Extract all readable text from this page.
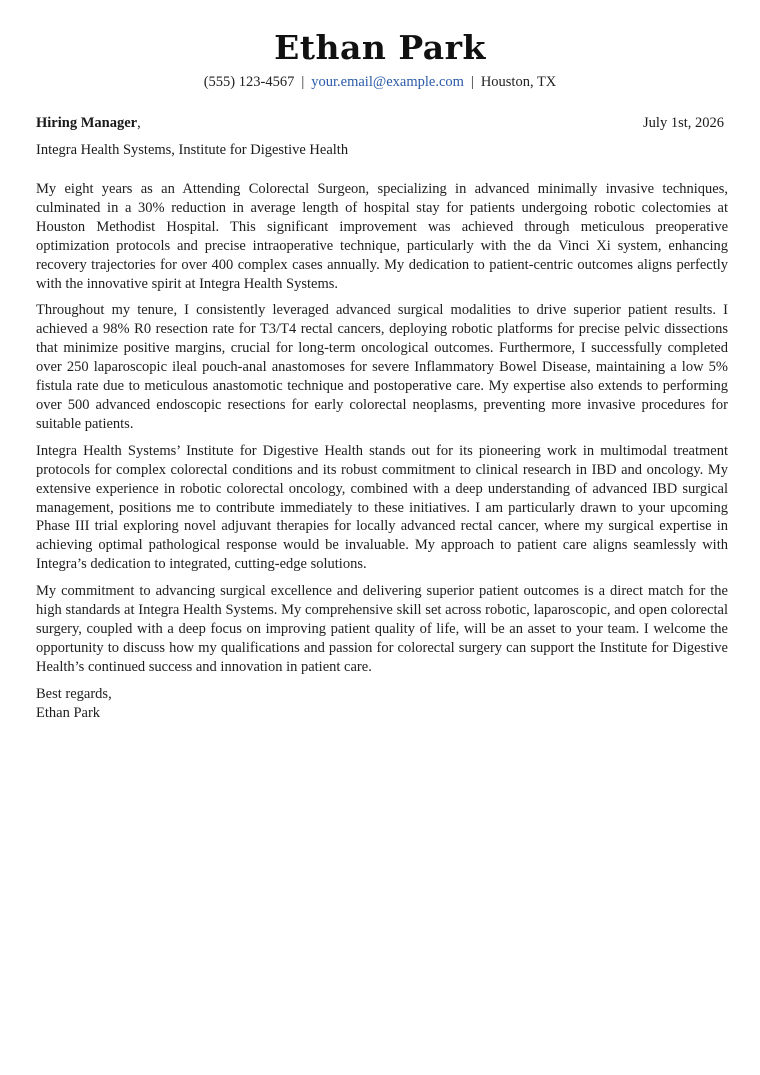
Ethan Park
(555) 123-4567 | your.email@example.com | Houston, TX
Hiring Manager,	July 1st, 2026
Integra Health Systems, Institute for Digestive Health

My eight years as an Attending Colorectal Surgeon, specializing in advanced minimally invasive techniques, culminated in a 30% reduction in average length of hospital stay for patients undergoing robotic colectomies at Houston Methodist Hospital. This significant improvement was achieved through meticulous preoperative optimization protocols and precise intraoperative technique, particularly with the da Vinci Xi system, enhancing recovery trajectories for over 400 complex cases annually. My dedication to patient-centric outcomes aligns perfectly with the innovative spirit at Integra Health Systems.

Throughout my tenure, I consistently leveraged advanced surgical modalities to drive superior patient results. I achieved a 98% R0 resection rate for T3/T4 rectal cancers, deploying robotic platforms for precise pelvic dissections that minimize positive margins, crucial for long-term oncological outcomes. Furthermore, I successfully completed over 250 laparoscopic ileal pouch-anal anastomoses for severe Inflammatory Bowel Disease, maintaining a low 5% fistula rate due to meticulous anastomotic technique and postoperative care. My expertise also extends to performing over 500 advanced endoscopic resections for early colorectal neoplasms, preventing more invasive procedures for suitable patients.

Integra Health Systems’ Institute for Digestive Health stands out for its pioneering work in multimodal treatment protocols for complex colorectal conditions and its robust commitment to clinical research in IBD and oncology. My extensive experience in robotic colorectal oncology, combined with a deep understanding of advanced IBD surgical management, positions me to contribute immediately to these initiatives. I am particularly drawn to your upcoming Phase III trial exploring novel adjuvant therapies for locally advanced rectal cancer, where my surgical expertise in achieving optimal pathological response would be invaluable. My approach to patient care aligns seamlessly with Integra’s dedication to integrated, cutting-edge solutions.

My commitment to advancing surgical excellence and delivering superior patient outcomes is a direct match for the high standards at Integra Health Systems. My comprehensive skill set across robotic, laparoscopic, and open colorectal surgery, coupled with a deep focus on improving patient quality of life, will be an asset to your team. I welcome the opportunity to discuss how my qualifications and passion for colorectal surgery can support the Institute for Digestive Health’s continued success and innovation in patient care.

Best regards,
Ethan Park
